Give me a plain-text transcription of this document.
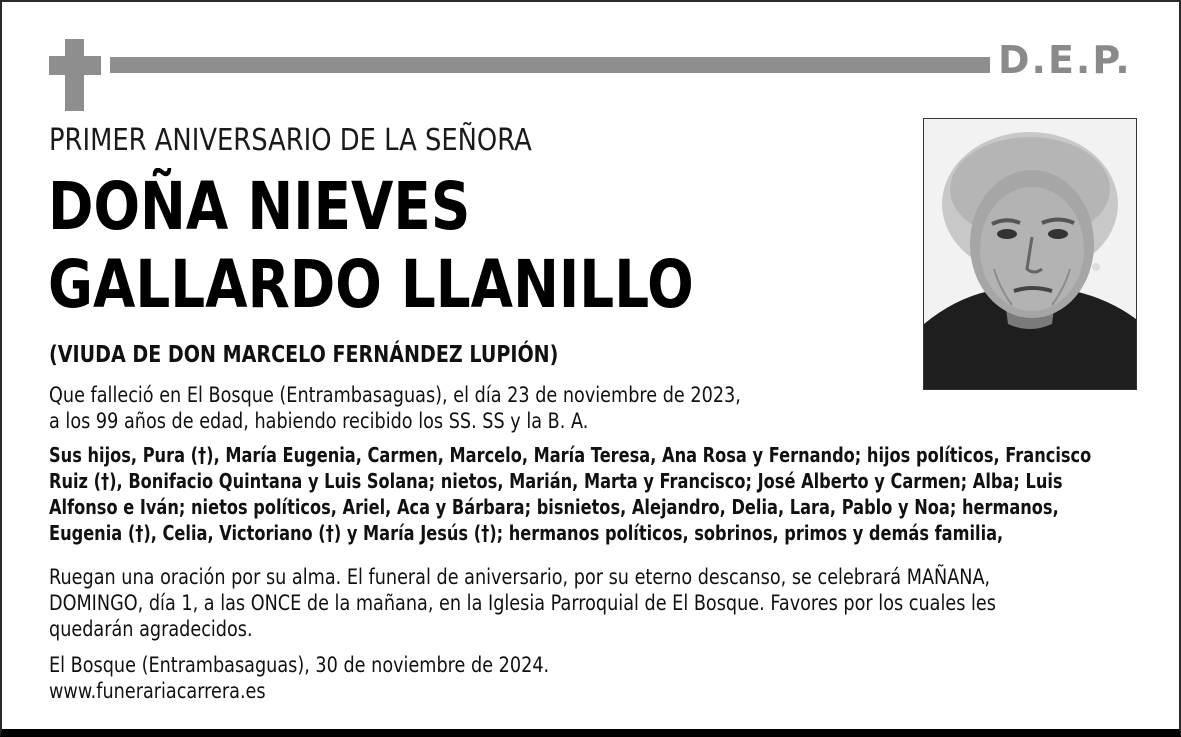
D.E.P.
PRIMER ANIVERSARIO DE LA SEÑORA
DOÑA NIEVES
GALLARDO LLANILLO
(VIUDA DE DON MARCELO FERNÁNDEZ LUPIÓN)
Que falleció en El Bosque (Entrambasaguas), el día 23 de noviembre de 2023,
a los 99 años de edad, habiendo recibido los SS. SS y la B. A.
Sus hijos, Pura (†), María Eugenia, Carmen, Marcelo, María Teresa, Ana Rosa y Fernando; hijos políticos, Francisco
Ruiz (†), Bonifacio Quintana y Luis Solana; nietos, Marián, Marta y Francisco; José Alberto y Carmen; Alba; Luis
Alfonso e Iván; nietos políticos, Ariel, Aca y Bárbara; bisnietos, Alejandro, Delia, Lara, Pablo y Noa; hermanos,
Eugenia (†), Celia, Victoriano (†) y María Jesús (†); hermanos políticos, sobrinos, primos y demás familia,
Ruegan una oración por su alma. El funeral de aniversario, por su eterno descanso, se celebrará MAÑANA,
DOMINGO, día 1, a las ONCE de la mañana, en la Iglesia Parroquial de El Bosque. Favores por los cuales les
quedarán agradecidos.
El Bosque (Entrambasaguas), 30 de noviembre de 2024.
www.funerariacarrera.es
